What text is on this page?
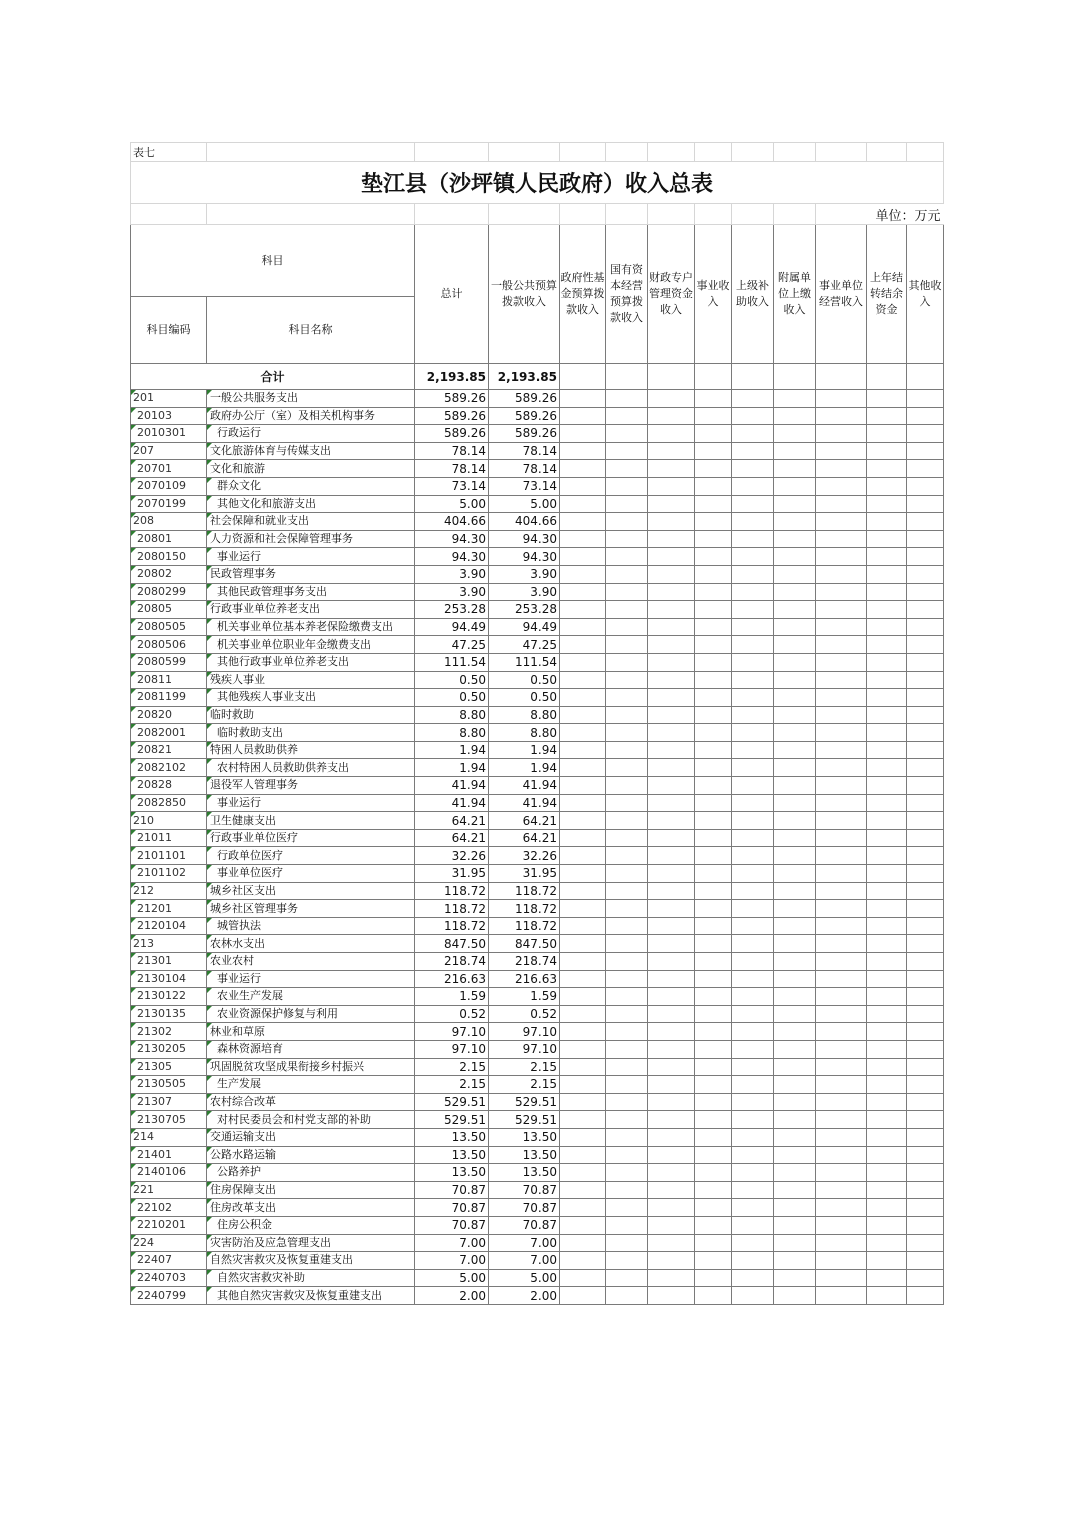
表七												
垫江县（沙坪镇人民政府）收入总表												
										单位：万元		
科目		总计	一般公共预算拨款收入	政府性基金预算拨款收入	国有资本经营预算拨款收入	财政专户管理资金收入	事业收入	上级补助收入	附属单位上缴收入	事业单位经营收入	上年结转结余资金	其他收入
科目编码	科目名称											
合计		2,193.85	2,193.85									
201	一般公共服务支出	589.26	589.26									
20103	政府办公厅（室）及相关机构事务	589.26	589.26									
2010301	行政运行	589.26	589.26									
207	文化旅游体育与传媒支出	78.14	78.14									
20701	文化和旅游	78.14	78.14									
2070109	群众文化	73.14	73.14									
2070199	其他文化和旅游支出	5.00	5.00									
208	社会保障和就业支出	404.66	404.66									
20801	人力资源和社会保障管理事务	94.30	94.30									
2080150	事业运行	94.30	94.30									
20802	民政管理事务	3.90	3.90									
2080299	其他民政管理事务支出	3.90	3.90									
20805	行政事业单位养老支出	253.28	253.28									
2080505	机关事业单位基本养老保险缴费支出	94.49	94.49									
2080506	机关事业单位职业年金缴费支出	47.25	47.25									
2080599	其他行政事业单位养老支出	111.54	111.54									
20811	残疾人事业	0.50	0.50									
2081199	其他残疾人事业支出	0.50	0.50									
20820	临时救助	8.80	8.80									
2082001	临时救助支出	8.80	8.80									
20821	特困人员救助供养	1.94	1.94									
2082102	农村特困人员救助供养支出	1.94	1.94									
20828	退役军人管理事务	41.94	41.94									
2082850	事业运行	41.94	41.94									
210	卫生健康支出	64.21	64.21									
21011	行政事业单位医疗	64.21	64.21									
2101101	行政单位医疗	32.26	32.26									
2101102	事业单位医疗	31.95	31.95									
212	城乡社区支出	118.72	118.72									
21201	城乡社区管理事务	118.72	118.72									
2120104	城管执法	118.72	118.72									
213	农林水支出	847.50	847.50									
21301	农业农村	218.74	218.74									
2130104	事业运行	216.63	216.63									
2130122	农业生产发展	1.59	1.59									
2130135	农业资源保护修复与利用	0.52	0.52									
21302	林业和草原	97.10	97.10									
2130205	森林资源培育	97.10	97.10									
21305	巩固脱贫攻坚成果衔接乡村振兴	2.15	2.15									
2130505	生产发展	2.15	2.15									
21307	农村综合改革	529.51	529.51									
2130705	对村民委员会和村党支部的补助	529.51	529.51									
214	交通运输支出	13.50	13.50									
21401	公路水路运输	13.50	13.50									
2140106	公路养护	13.50	13.50									
221	住房保障支出	70.87	70.87									
22102	住房改革支出	70.87	70.87									
2210201	住房公积金	70.87	70.87									
224	灾害防治及应急管理支出	7.00	7.00									
22407	自然灾害救灾及恢复重建支出	7.00	7.00									
2240703	自然灾害救灾补助	5.00	5.00									
2240799	其他自然灾害救灾及恢复重建支出	2.00	2.00									
